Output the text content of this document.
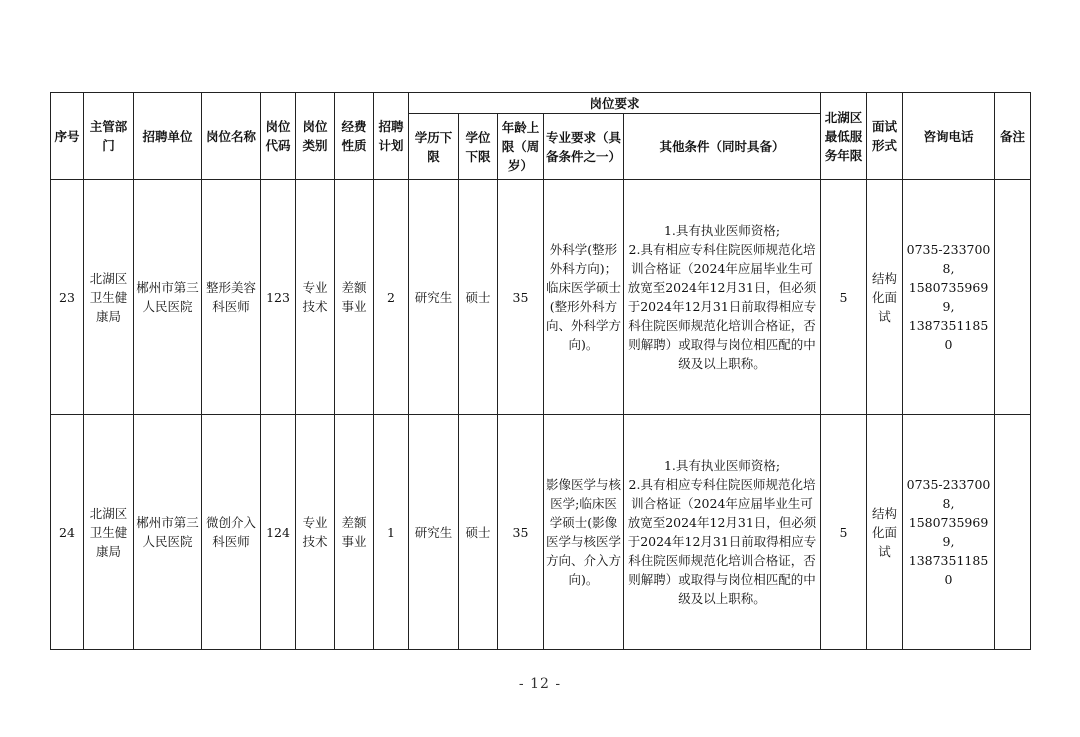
序号	主管部门	招聘单位	岗位名称	岗位代码	岗位类别	经费性质	招聘计划	岗位要求					北湖区最低服务年限	面试形式	咨询电话	备注
								学历下限	学位下限	年龄上限（周岁）	专业要求（具备条件之一）	其他条件（同时具备）				
23	北湖区卫生健康局	郴州市第三人民医院	整形美容科医师	123	专业技术	差额事业	2	研究生	硕士	35	外科学(整形外科方向)；临床医学硕士(整形外科方向、外科学方向)。	1.具有执业医师资格;
2.具有相应专科住院医师规范化培训合格证（2024年应届毕业生可放宽至2024年12月31日，但必须于2024年12月31日前取得相应专科住院医师规范化培训合格证，否则解聘）或取得与岗位相匹配的中级及以上职称。	5	结构化面试	0735-2337008,
15807359699,
13873511850	

24	北湖区卫生健康局	郴州市第三人民医院	微创介入科医师	124	专业技术	差额事业	1	研究生	硕士	35	影像医学与核医学;临床医学硕士(影像医学与核医学方向、介入方向)。	1.具有执业医师资格;
2.具有相应专科住院医师规范化培训合格证（2024年应届毕业生可放宽至2024年12月31日，但必须于2024年12月31日前取得相应专科住院医师规范化培训合格证，否则解聘）或取得与岗位相匹配的中级及以上职称。	5	结构化面试	0735-2337008,
15807359699,
13873511850	

- 12 -
